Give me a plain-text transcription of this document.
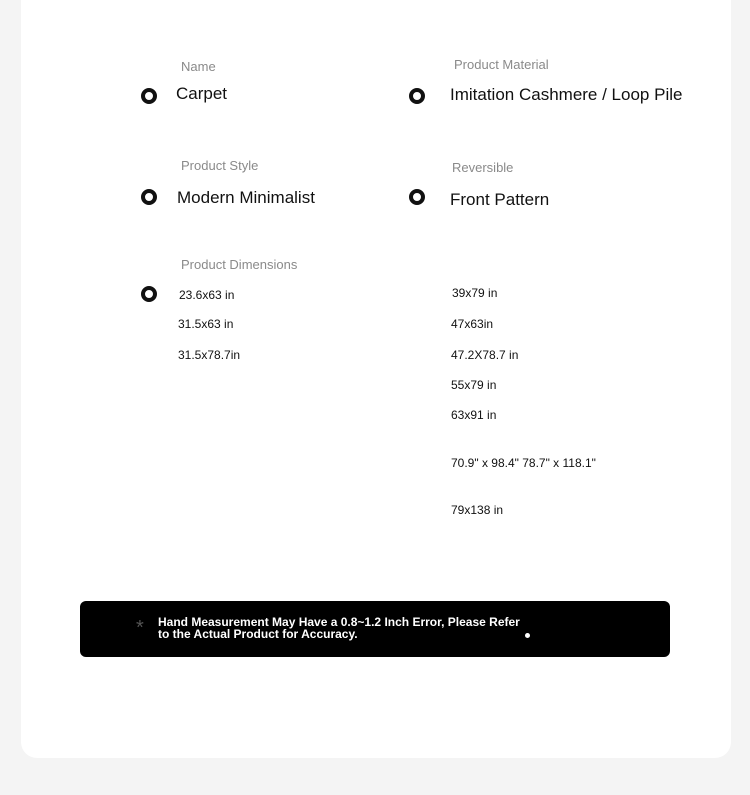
Name
Carpet
Product Material
Imitation Cashmere / Loop Pile
Product Style
Modern Minimalist
Reversible
Front Pattern
Product Dimensions
23.6x63 in
31.5x63 in
31.5x78.7in
39x79 in
47x63in
47.2X78.7 in
55x79 in
63x91 in
70.9" x 98.4" 78.7" x 118.1"
79x138 in
* Hand Measurement May Have a 0.8~1.2 Inch Error, Please Refer to the Actual Product for Accuracy.
